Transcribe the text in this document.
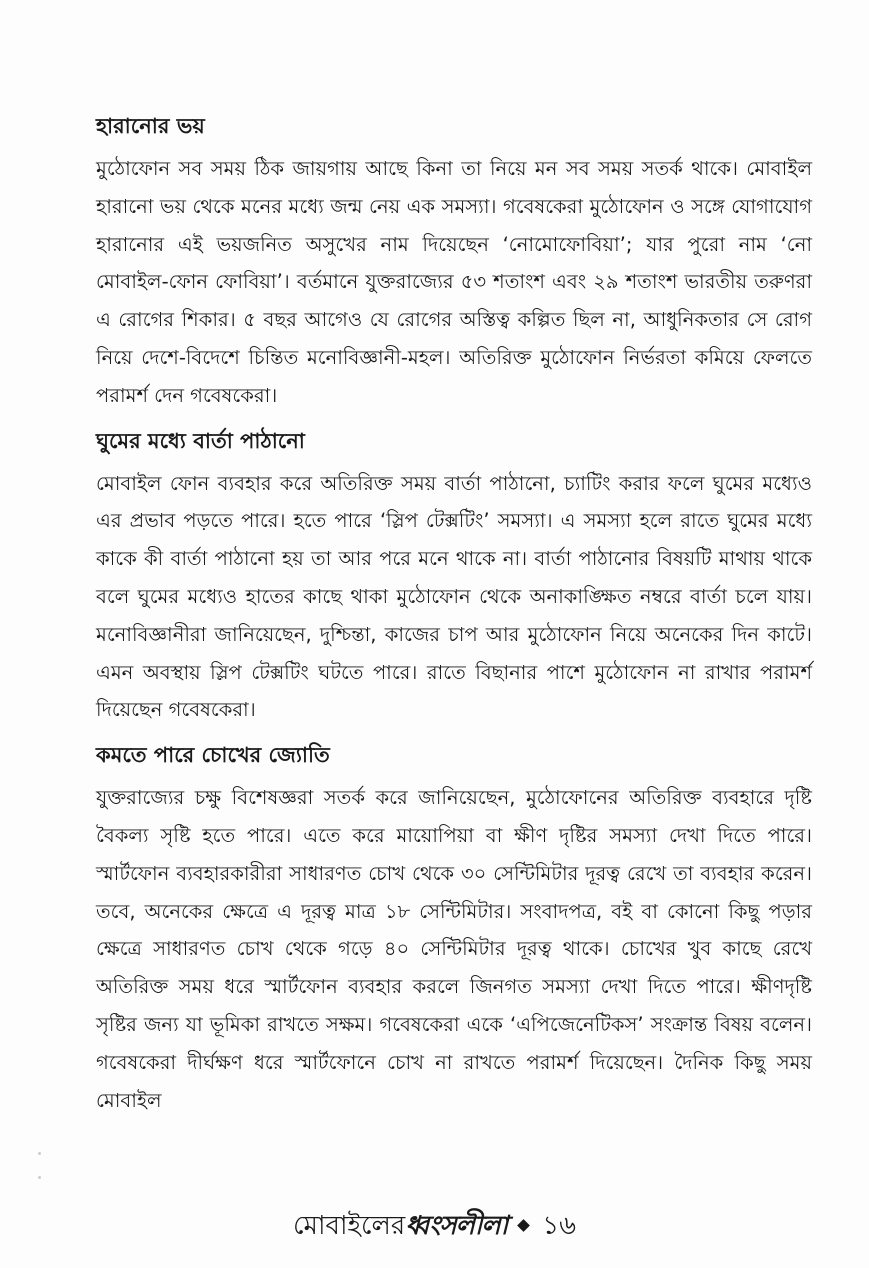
হারানোর ভয়

মুঠোফোন সব সময় ঠিক জায়গায় আছে কিনা তা নিয়ে মন সব সময় সতর্ক থাকে। মোবাইল হারানো ভয় থেকে মনের মধ্যে জন্ম নেয় এক সমস্যা। গবেষকেরা মুঠোফোন ও সঙ্গে যোগাযোগ হারানোর এই ভয়জনিত অসুখের নাম দিয়েছেন ‘নোমোফোবিয়া’; যার পুরো নাম ‘নো মোবাইল-ফোন ফোবিয়া’। বর্তমানে যুক্তরাজ্যের ৫৩ শতাংশ এবং ২৯ শতাংশ ভারতীয় তরুণরা এ রোগের শিকার। ৫ বছর আগেও যে রোগের অস্তিত্ব কল্পিত ছিল না, আধুনিকতার সে রোগ নিয়ে দেশে-বিদেশে চিন্তিত মনোবিজ্ঞানী-মহল। অতিরিক্ত মুঠোফোন নির্ভরতা কমিয়ে ফেলতে পরামর্শ দেন গবেষকেরা।

ঘুমের মধ্যে বার্তা পাঠানো

মোবাইল ফোন ব্যবহার করে অতিরিক্ত সময় বার্তা পাঠানো, চ্যাটিং করার ফলে ঘুমের মধ্যেও এর প্রভাব পড়তে পারে। হতে পারে ‘স্লিপ টেক্সটিং’ সমস্যা। এ সমস্যা হলে রাতে ঘুমের মধ্যে কাকে কী বার্তা পাঠানো হয় তা আর পরে মনে থাকে না। বার্তা পাঠানোর বিষয়টি মাথায় থাকে বলে ঘুমের মধ্যেও হাতের কাছে থাকা মুঠোফোন থেকে অনাকাঙ্ক্ষিত নম্বরে বার্তা চলে যায়। মনোবিজ্ঞানীরা জানিয়েছেন, দুশ্চিন্তা, কাজের চাপ আর মুঠোফোন নিয়ে অনেকের দিন কাটে। এমন অবস্থায় স্লিপ টেক্সটিং ঘটতে পারে। রাতে বিছানার পাশে মুঠোফোন না রাখার পরামর্শ দিয়েছেন গবেষকেরা।

কমতে পারে চোখের জ্যোতি

যুক্তরাজ্যের চক্ষু বিশেষজ্ঞরা সতর্ক করে জানিয়েছেন, মুঠোফোনের অতিরিক্ত ব্যবহারে দৃষ্টি বৈকল্য সৃষ্টি হতে পারে। এতে করে মায়োপিয়া বা ক্ষীণ দৃষ্টির সমস্যা দেখা দিতে পারে। স্মার্টফোন ব্যবহারকারীরা সাধারণত চোখ থেকে ৩০ সেন্টিমিটার দূরত্ব রেখে তা ব্যবহার করেন। তবে, অনেকের ক্ষেত্রে এ দূরত্ব মাত্র ১৮ সেন্টিমিটার। সংবাদপত্র, বই বা কোনো কিছু পড়ার ক্ষেত্রে সাধারণত চোখ থেকে গড়ে ৪০ সেন্টিমিটার দূরত্ব থাকে। চোখের খুব কাছে রেখে অতিরিক্ত সময় ধরে স্মার্টফোন ব্যবহার করলে জিনগত সমস্যা দেখা দিতে পারে। ক্ষীণদৃষ্টি সৃষ্টির জন্য যা ভূমিকা রাখতে সক্ষম। গবেষকেরা একে ‘এপিজেনেটিকস’ সংক্রান্ত বিষয় বলেন। গবেষকেরা দীর্ঘক্ষণ ধরে স্মার্টফোনে চোখ না রাখতে পরামর্শ দিয়েছেন। দৈনিক কিছু সময় মোবাইল

মোবাইলেরধ্বংসলীলা ১৬
